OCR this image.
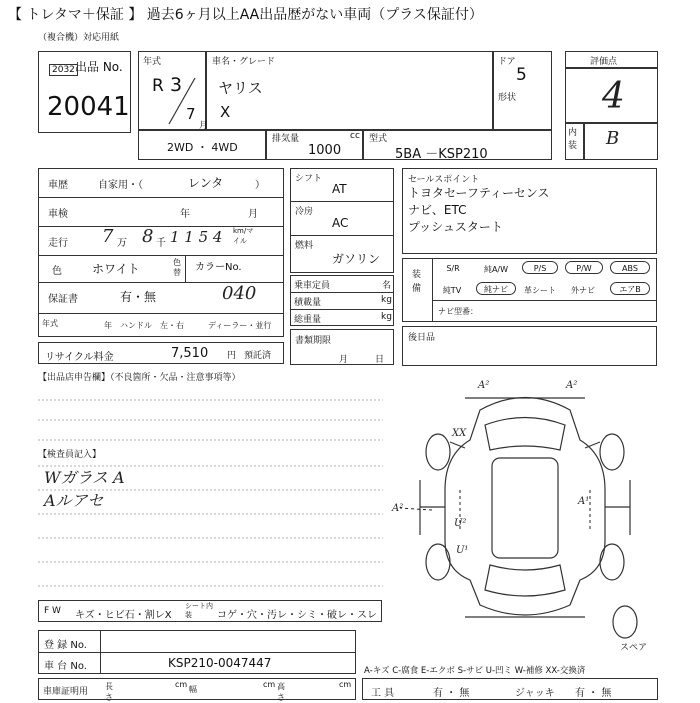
【 トレタマ＋保証 】 過去6ヶ月以上AA出品歴がない車両（プラス保証付）
（複合機）対応用紙
出品 No.
2032
20041
年式
R 3
7
月
車名・グレード
ヤリス
X
ドア
5
形状
2WD ・ 4WD
排気量	cc
1000
型式
5BA －KSP210
評価点
4
内装 B
車歴	自家用・（	レンタ	）
車検	年	月
走行 7 万 8 千 1 1 5 4 km/マイル
色	ホワイト	色替 カラーNo.
040
保証書	有・無
年式	年 ハンドル 左・右	ディーラー・並行
リサイクル料金	7,510 円 預託済
シフト
AT
冷房
AC
燃料
ガソリン
乗車定員	名
積載量	kg
総重量	kg
書類期限
月	日
セールスポイント
トヨタセーフティーセンス
ナビ、ETC
プッシュスタート
装備
S/R	純A/W	P/S	P/W	ABS
純TV	純ナビ	革シート	外ナビ	エアB
ナビ型番：
後日品
【出品店申告欄】（不良箇所・欠品・注意事項等）
【検査員記入】
Wガラス A
Aルアセ
A²	A²
XX
A²
A¹
U²
U¹
スペア
F W キズ・ヒビ石・割レX
シート内装	コゲ・穴・汚レ・シミ・破レ・スレ
登 録 No.
車 台 No.	KSP210-0047447
車庫証明用
長さ
cm
幅
cm 高さ
cm
A-キズ C-腐食 E-エクボ S-サビ U-凹ミ W-補修 XX-交換済
工 具	有 ・ 無	ジャッキ 有 ・ 無
